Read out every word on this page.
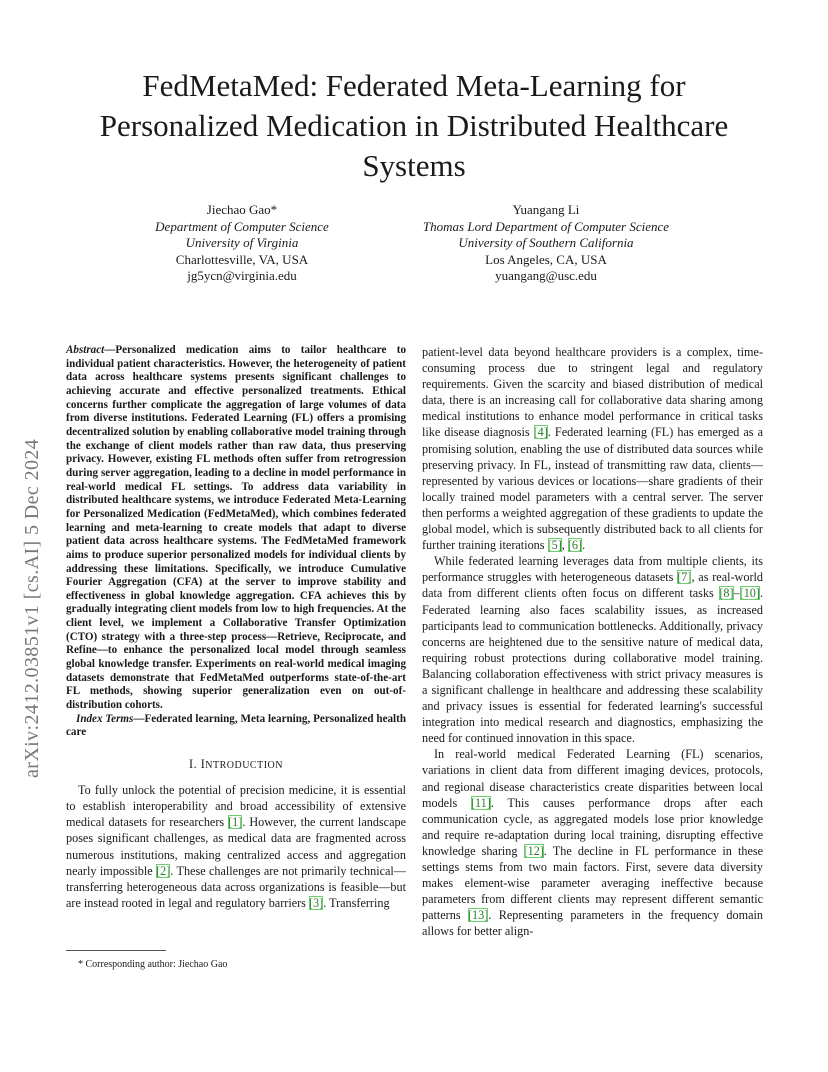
FedMetaMed: Federated Meta-Learning for
Personalized Medication in Distributed Healthcare
Systems
Jiechao Gao*
Department of Computer Science
University of Virginia
Charlottesville, VA, USA
jg5ycn@virginia.edu
Yuangang Li
Thomas Lord Department of Computer Science
University of Southern California
Los Angeles, CA, USA
yuangang@usc.edu
arXiv:2412.03851v1 [cs.AI] 5 Dec 2024

Abstract—Personalized medication aims to tailor healthcare to individual patient characteristics. However, the heterogeneity of patient data across healthcare systems presents significant challenges to achieving accurate and effective personalized treatments. Ethical concerns further complicate the aggregation of large volumes of data from diverse institutions. Federated Learning (FL) offers a promising decentralized solution by enabling collaborative model training through the exchange of client models rather than raw data, thus preserving privacy. However, existing FL methods often suffer from retrogression during server aggregation, leading to a decline in model performance in real-world medical FL settings. To address data variability in distributed healthcare systems, we introduce Federated Meta-Learning for Personalized Medication (FedMetaMed), which combines federated learning and meta-learning to create models that adapt to diverse patient data across healthcare systems. The FedMetaMed framework aims to produce superior personalized models for individual clients by addressing these limitations. Specifically, we introduce Cumulative Fourier Aggregation (CFA) at the server to improve stability and effectiveness in global knowledge aggregation. CFA achieves this by gradually integrating client models from low to high frequencies. At the client level, we implement a Collaborative Transfer Optimization (CTO) strategy with a three-step process—Retrieve, Reciprocate, and Refine—to enhance the personalized local model through seamless global knowledge transfer. Experiments on real-world medical imaging datasets demonstrate that FedMetaMed outperforms state-of-the-art FL methods, showing superior generalization even on out-of-distribution cohorts.

Index Terms—Federated learning, Meta learning, Personalized health care

I. INTRODUCTION

To fully unlock the potential of precision medicine, it is essential to establish interoperability and broad accessibility of extensive medical datasets for researchers [1]. However, the current landscape poses significant challenges, as medical data are fragmented across numerous institutions, making centralized access and aggregation nearly impossible [2]. These challenges are not primarily technical—transferring heterogeneous data across organizations is feasible—but are instead rooted in legal and regulatory barriers [3]. Transferring

patient-level data beyond healthcare providers is a complex, time-consuming process due to stringent legal and regulatory requirements. Given the scarcity and biased distribution of medical data, there is an increasing call for collaborative data sharing among medical institutions to enhance model performance in critical tasks like disease diagnosis [4]. Federated learning (FL) has emerged as a promising solution, enabling the use of distributed data sources while preserving privacy. In FL, instead of transmitting raw data, clients—represented by various devices or locations—share gradients of their locally trained model parameters with a central server. The server then performs a weighted aggregation of these gradients to update the global model, which is subsequently distributed back to all clients for further training iterations [5], [6].

While federated learning leverages data from multiple clients, its performance struggles with heterogeneous datasets [7], as real-world data from different clients often focus on different tasks [8]–[10]. Federated learning also faces scalability issues, as increased participants lead to communication bottlenecks. Additionally, privacy concerns are heightened due to the sensitive nature of medical data, requiring robust protections during collaborative model training. Balancing collaboration effectiveness with strict privacy measures is a significant challenge in healthcare and addressing these scalability and privacy issues is essential for federated learning's successful integration into medical research and diagnostics, emphasizing the need for continued innovation in this space.

In real-world medical Federated Learning (FL) scenarios, variations in client data from different imaging devices, protocols, and regional disease characteristics create disparities between local models [11]. This causes performance drops after each communication cycle, as aggregated models lose prior knowledge and require re-adaptation during local training, disrupting effective knowledge sharing [12]. The decline in FL performance in these settings stems from two main factors. First, severe data diversity makes element-wise parameter averaging ineffective because parameters from different clients may represent different semantic patterns [13]. Representing parameters in the frequency domain allows for better align-

* Corresponding author: Jiechao Gao
